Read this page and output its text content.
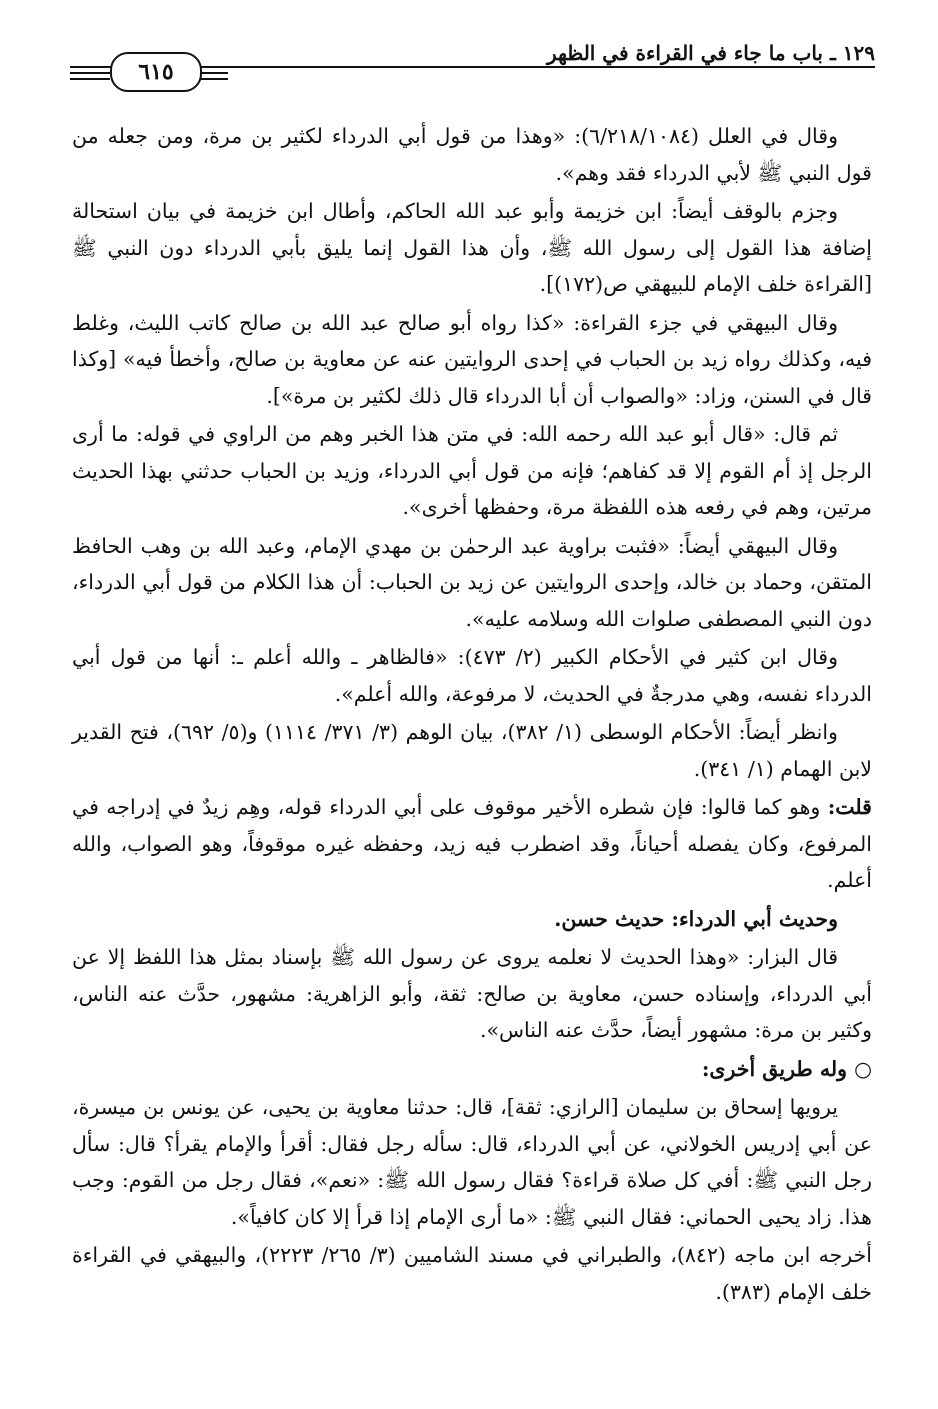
١٢٩ ـ باب ما جاء في القراءة في الظهر
٦١٥

وقال في العلل (٦/٢١٨/١٠٨٤): «وهذا من قول أبي الدرداء لكثير بن مرة، ومن جعله من قول النبي ﷺ لأبي الدرداء فقد وهم».

وجزم بالوقف أيضاً: ابن خزيمة وأبو عبد الله الحاكم، وأطال ابن خزيمة في بيان استحالة إضافة هذا القول إلى رسول الله ﷺ، وأن هذا القول إنما يليق بأبي الدرداء دون النبي ﷺ [القراءة خلف الإمام للبيهقي ص(١٧٢)].

وقال البيهقي في جزء القراءة: «كذا رواه أبو صالح عبد الله بن صالح كاتب الليث، وغلط فيه، وكذلك رواه زيد بن الحباب في إحدى الروايتين عنه عن معاوية بن صالح، وأخطأ فيه» [وكذا قال في السنن، وزاد: «والصواب أن أبا الدرداء قال ذلك لكثير بن مرة»].

ثم قال: «قال أبو عبد الله رحمه الله: في متن هذا الخبر وهم من الراوي في قوله: ما أرى الرجل إذ أم القوم إلا قد كفاهم؛ فإنه من قول أبي الدرداء، وزيد بن الحباب حدثني بهذا الحديث مرتين، وهم في رفعه هذه اللفظة مرة، وحفظها أخرى».

وقال البيهقي أيضاً: «فثبت براوية عبد الرحمٰن بن مهدي الإمام، وعبد الله بن وهب الحافظ المتقن، وحماد بن خالد، وإحدى الروايتين عن زيد بن الحباب: أن هذا الكلام من قول أبي الدرداء، دون النبي المصطفى صلوات الله وسلامه عليه».

وقال ابن كثير في الأحكام الكبير (٢/ ٤٧٣): «فالظاهر ـ والله أعلم ـ: أنها من قول أبي الدرداء نفسه، وهي مدرجةٌ في الحديث، لا مرفوعة، والله أعلم».

وانظر أيضاً: الأحكام الوسطى (١/ ٣٨٢)، بيان الوهم (٣/ ٣٧١/ ١١١٤) و(٥/ ٦٩٢)، فتح القدير لابن الهمام (١/ ٣٤١).

قلت: وهو كما قالوا: فإن شطره الأخير موقوف على أبي الدرداء قوله، وهِم زيدٌ في إدراجه في المرفوع، وكان يفصله أحياناً، وقد اضطرب فيه زيد، وحفظه غيره موقوفاً، وهو الصواب، والله أعلم.

وحديث أبي الدرداء: حديث حسن.

قال البزار: «وهذا الحديث لا نعلمه يروى عن رسول الله ﷺ بإسناد بمثل هذا اللفظ إلا عن أبي الدرداء، وإسناده حسن، معاوية بن صالح: ثقة، وأبو الزاهرية: مشهور، حدَّث عنه الناس، وكثير بن مرة: مشهور أيضاً، حدَّث عنه الناس».

○ وله طريق أخرى:

يرويها إسحاق بن سليمان [الرازي: ثقة]، قال: حدثنا معاوية بن يحيى، عن يونس بن ميسرة، عن أبي إدريس الخولاني، عن أبي الدرداء، قال: سأله رجل فقال: أقرأ والإمام يقرأ؟ قال: سأل رجل النبي ﷺ: أفي كل صلاة قراءة؟ فقال رسول الله ﷺ: «نعم»، فقال رجل من القوم: وجب هذا. زاد يحيى الحماني: فقال النبي ﷺ: «ما أرى الإمام إذا قرأ إلا كان كافياً».

أخرجه ابن ماجه (٨٤٢)، والطبراني في مسند الشاميين (٣/ ٢٦٥/ ٢٢٢٣)، والبيهقي في القراءة خلف الإمام (٣٨٣).
